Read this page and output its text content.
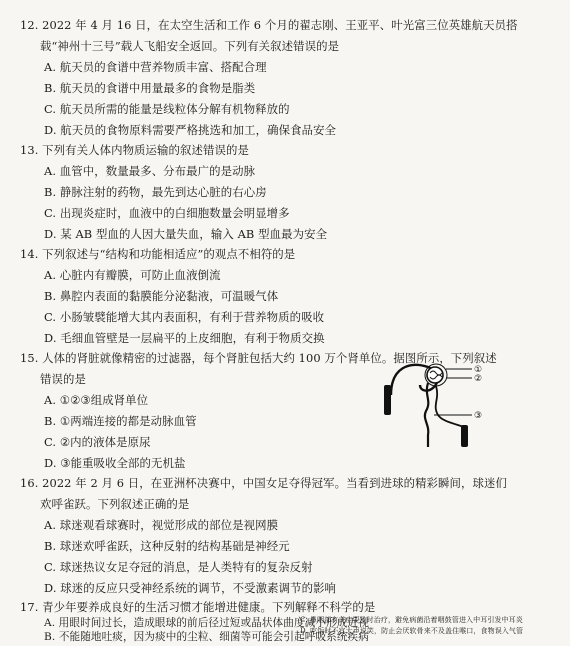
12. 2022 年 4 月 16 日，在太空生活和工作 6 个月的翟志刚、王亚平、叶光富三位英雄航天员搭
载“神州十三号”载人飞船安全返回。下列有关叙述错误的是
A. 航天员的食谱中营养物质丰富、搭配合理
B. 航天员的食谱中用量最多的食物是脂类
C. 航天员所需的能量是线粒体分解有机物释放的
D. 航天员的食物原料需要严格挑选和加工，确保食品安全
13. 下列有关人体内物质运输的叙述错误的是
A. 血管中，数量最多、分布最广的是动脉
B. 静脉注射的药物，最先到达心脏的右心房
C. 出现炎症时，血液中的白细胞数量会明显增多
D. 某 AB 型血的人因大量失血，输入 AB 型血最为安全
14. 下列叙述与“结构和功能相适应”的观点不相符的是
A. 心脏内有瓣膜，可防止血液倒流
B. 鼻腔内表面的黏膜能分泌黏液，可温暖气体
C. 小肠皱襞能增大其内表面积，有利于营养物质的吸收
D. 毛细血管壁是一层扁平的上皮细胞，有利于物质交换
15. 人体的肾脏就像精密的过滤器，每个肾脏包括大约 100 万个肾单位。据图所示，下列叙述
错误的是
A. ①②③组成肾单位
B. ①两端连接的都是动脉血管
C. ②内的液体是原尿
D. ③能重吸收全部的无机盐
①
②
③
16. 2022 年 2 月 6 日，在亚洲杯决赛中，中国女足夺得冠军。当看到进球的精彩瞬间，球迷们
欢呼雀跃。下列叙述正确的是
A. 球迷观看球赛时，视觉形成的部位是视网膜
B. 球迷欢呼雀跃，这种反射的结构基础是神经元
C. 球迷热议女足夺冠的消息，是人类特有的复杂反射
D. 球迷的反应只受神经系统的调节，不受激素调节的影响
17. 青少年要养成良好的生活习惯才能增进健康。下列解释不科学的是
A. 用眼时间过长，造成眼球的前后径过短或晶状体曲度减小形成近视
B. 不能随地吐痰，因为痰中的尘粒、细菌等可能会引起呼吸系统疾病
C. 鼻咽部有炎症要及时治疗，避免病菌沿着咽鼓管进入中耳引发中耳炎
D. 吃饭时不宜大声说笑，防止会厌软骨来不及盖住喉口，食物误入气管
